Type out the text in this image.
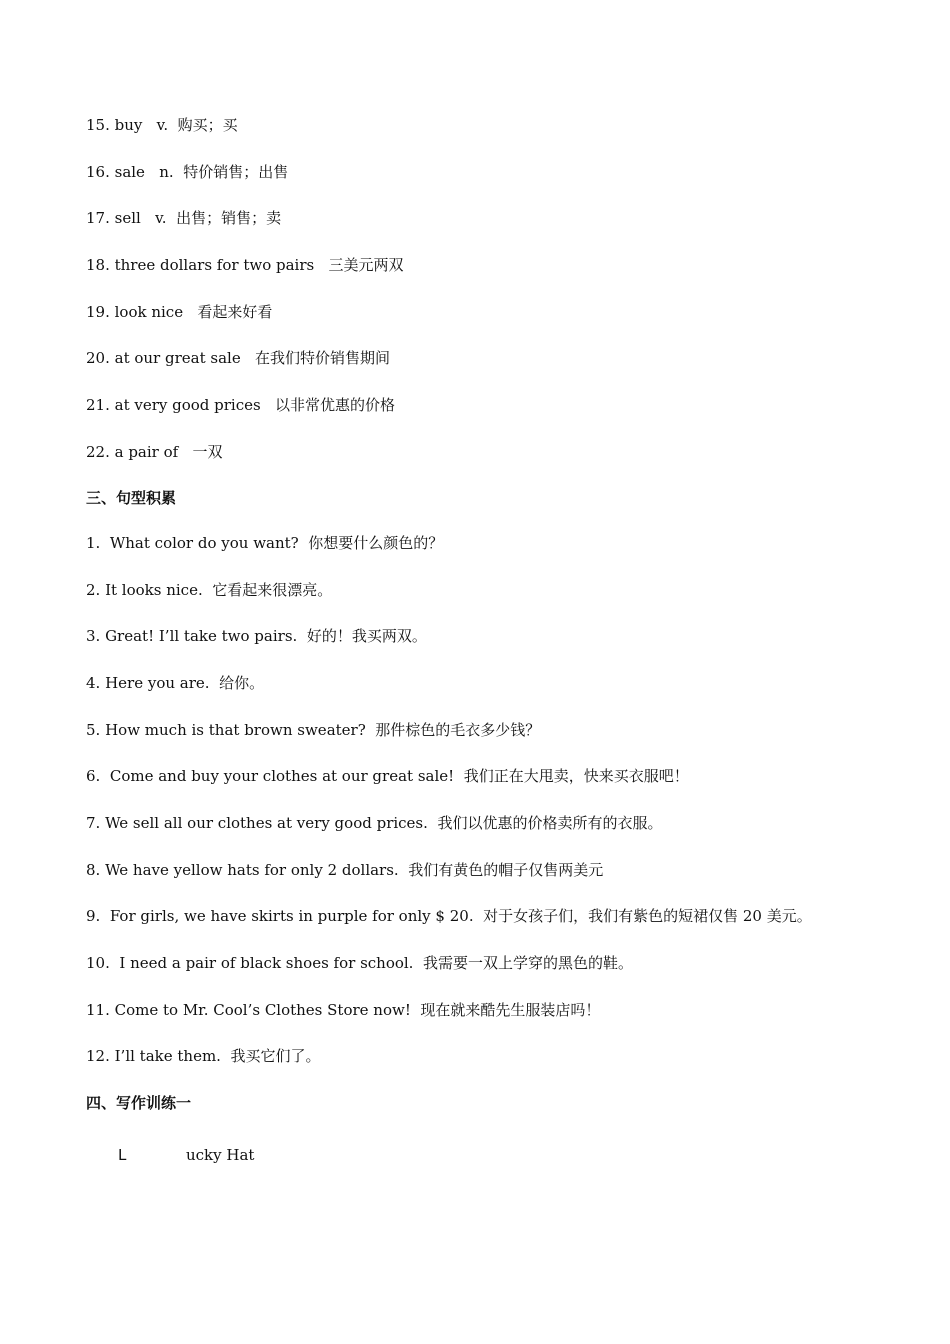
15. buy   v.  购买；买
16. sale   n.  特价销售；出售
17. sell   v.  出售；销售；卖
18. three dollars for two pairs   三美元两双
19. look nice   看起来好看
20. at our great sale   在我们特价销售期间
21. at very good prices   以非常优惠的价格
22. a pair of   一双
三、句型积累
1.  What color do you want?  你想要什么颜色的？
2. It looks nice.  它看起来很漂亮。
3. Great! I’ll take two pairs.  好的！我买两双。
4. Here you are.  给你。
5. How much is that brown sweater?  那件棕色的毛衣多少钱？
6.  Come and buy your clothes at our great sale!  我们正在大甩卖，快来买衣服吧！
7. We sell all our clothes at very good prices.  我们以优惠的价格卖所有的衣服。
8. We have yellow hats for only 2 dollars.  我们有黄色的帽子仅售两美元
9.  For girls, we have skirts in purple for only $ 20.  对于女孩子们，我们有紫色的短裙仅售 20 美元。
10.  I need a pair of black shoes for school.  我需要一双上学穿的黑色的鞋。
11. Come to Mr. Cool’s Clothes Store now!  现在就来酷先生服装店吗！
12. I’ll take them.  我买它们了。
四、写作训练一
L	ucky Hat
